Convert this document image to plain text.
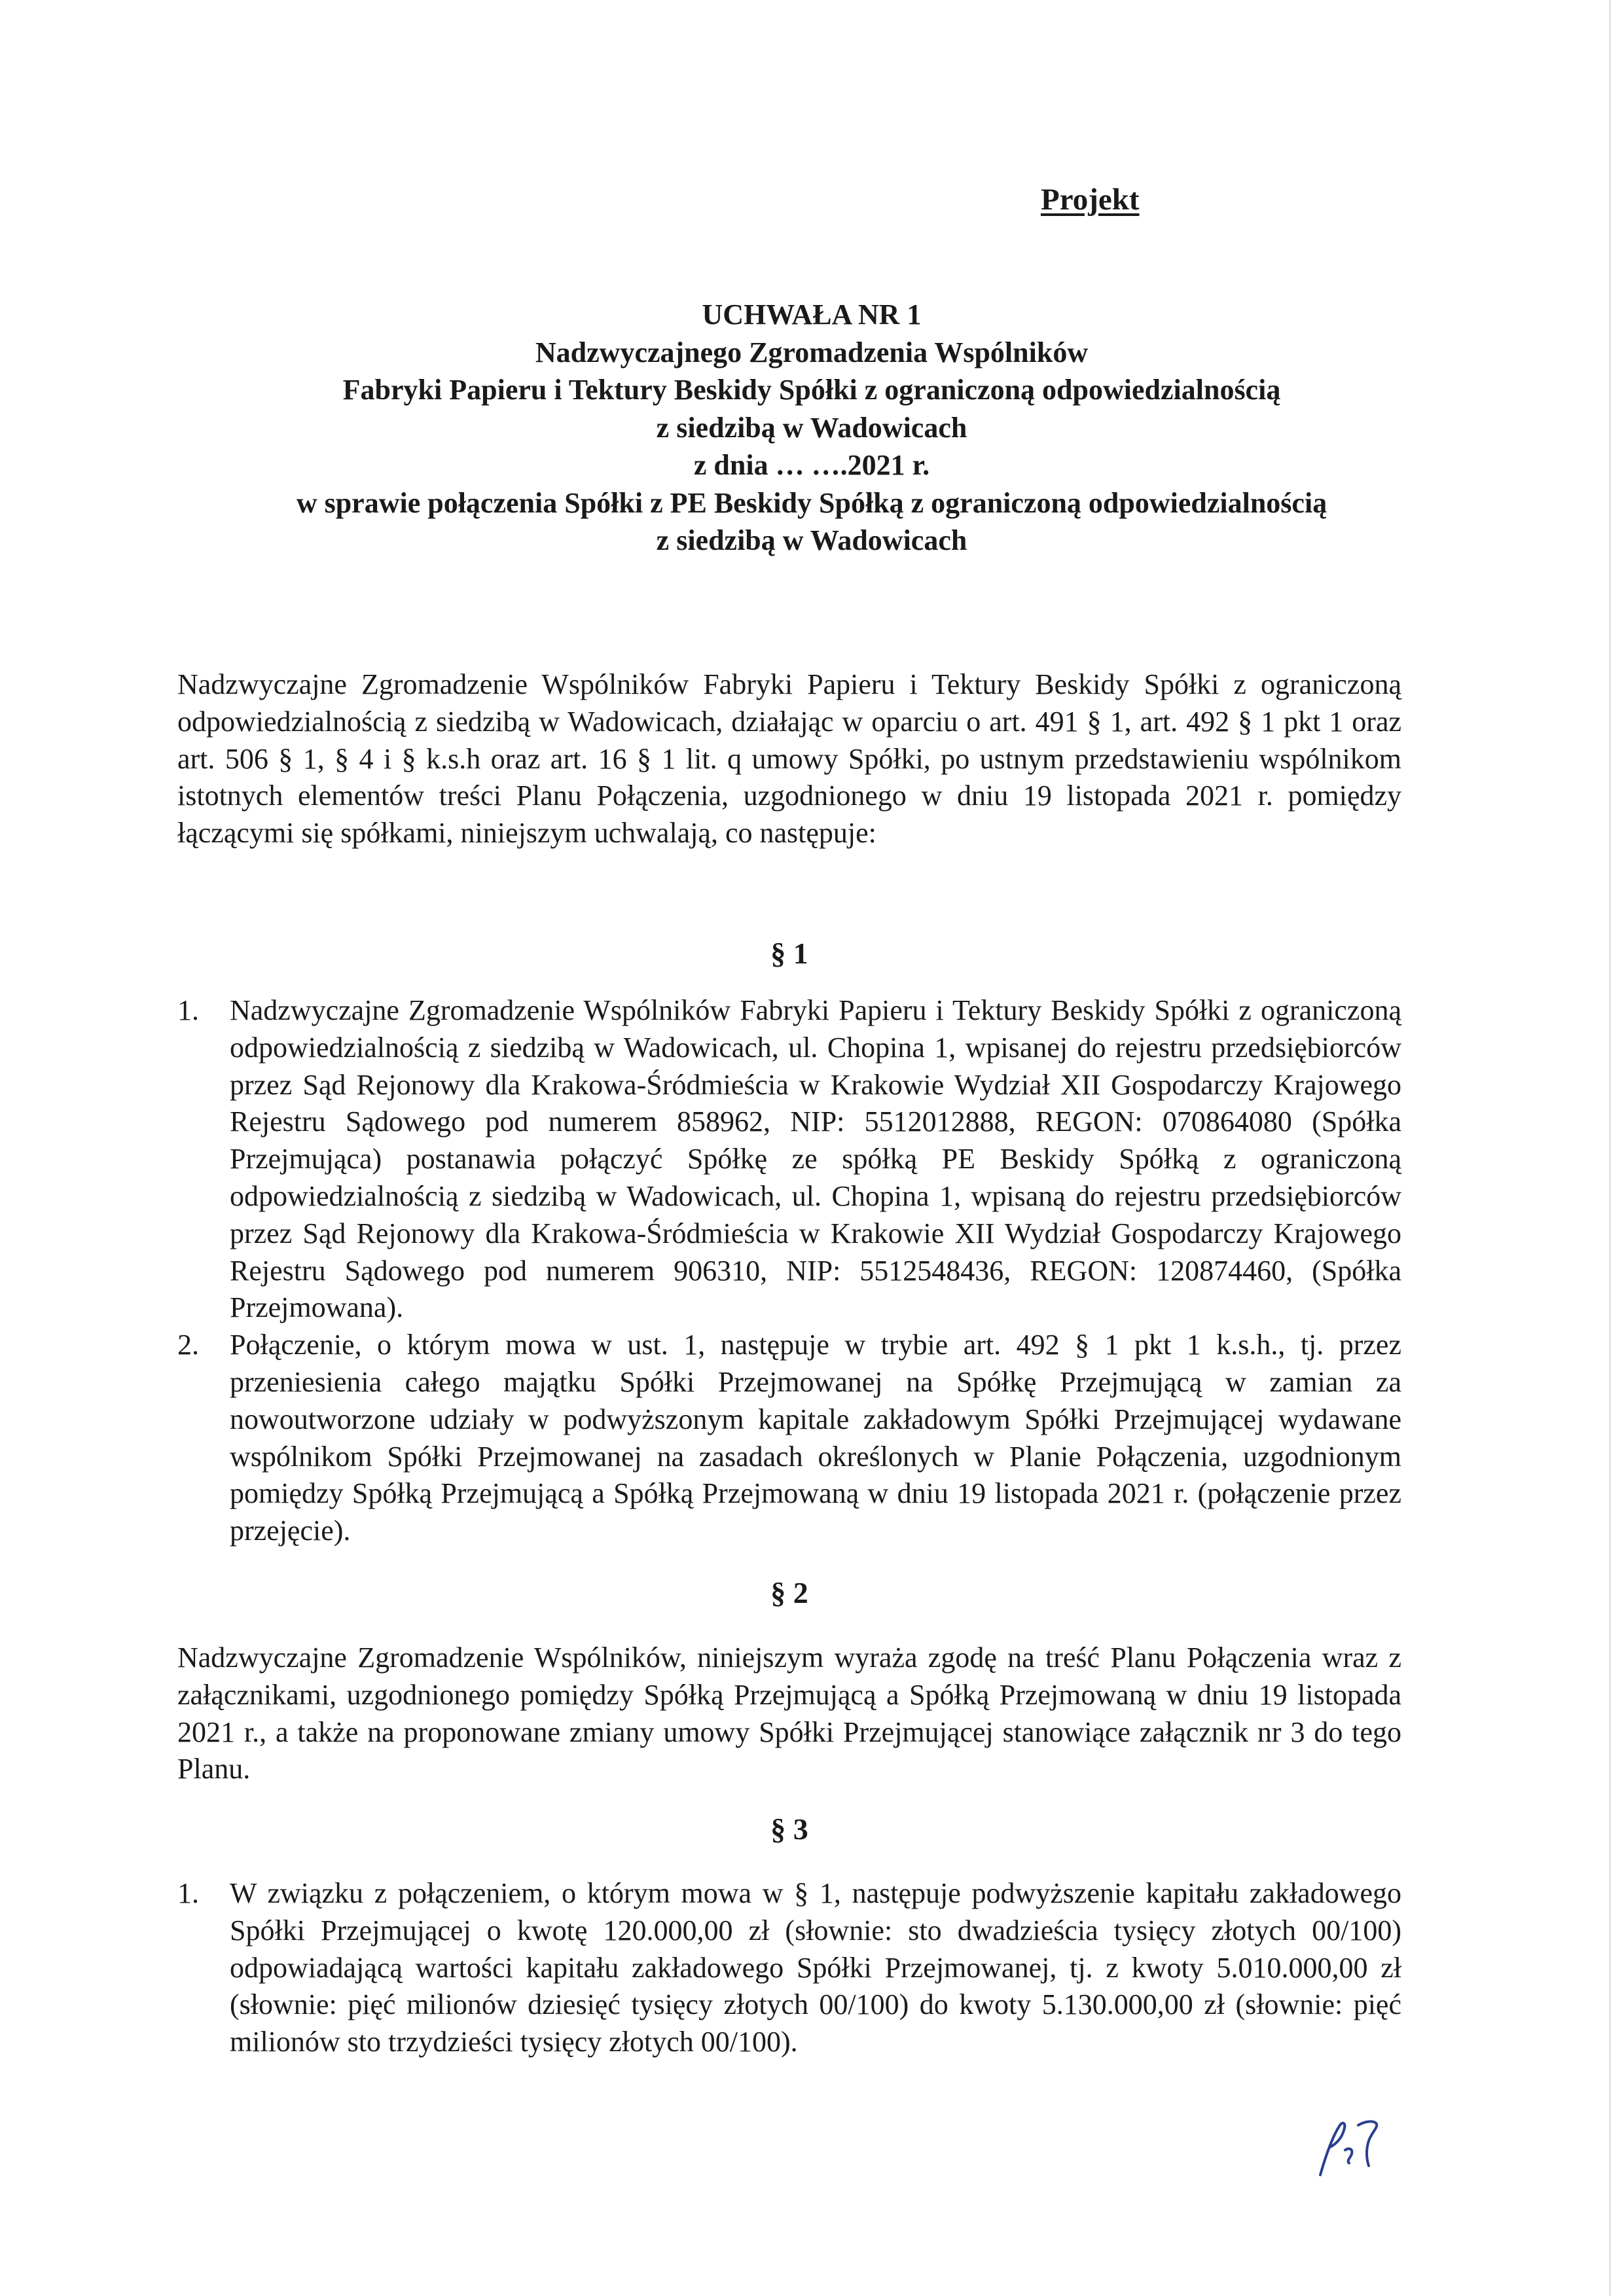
Projekt
UCHWAŁA NR 1
Nadzwyczajnego Zgromadzenia Wspólników
Fabryki Papieru i Tektury Beskidy Spółki z ograniczoną odpowiedzialnością
z siedzibą w Wadowicach
z dnia … ….2021 r.
w sprawie połączenia Spółki z PE Beskidy Spółką z ograniczoną odpowiedzialnością
z siedzibą w Wadowicach
Nadzwyczajne Zgromadzenie Wspólników Fabryki Papieru i Tektury Beskidy Spółki z ograniczoną odpowiedzialnością z siedzibą w Wadowicach, działając w oparciu o art. 491 § 1, art. 492 § 1 pkt 1 oraz art. 506 § 1, § 4 i § k.s.h oraz art. 16 § 1 lit. q umowy Spółki, po ustnym przedstawieniu wspólnikom istotnych elementów treści Planu Połączenia, uzgodnionego w dniu 19 listopada 2021 r. pomiędzy łączącymi się spółkami, niniejszym uchwalają, co następuje:
§ 1
1. Nadzwyczajne Zgromadzenie Wspólników Fabryki Papieru i Tektury Beskidy Spółki z ograniczoną odpowiedzialnością z siedzibą w Wadowicach, ul. Chopina 1, wpisanej do rejestru przedsiębiorców przez Sąd Rejonowy dla Krakowa-Śródmieścia w Krakowie Wydział XII Gospodarczy Krajowego Rejestru Sądowego pod numerem 858962, NIP: 5512012888, REGON: 070864080 (Spółka Przejmująca) postanawia połączyć Spółkę ze spółką PE Beskidy Spółką z ograniczoną odpowiedzialnością z siedzibą w Wadowicach, ul. Chopina 1, wpisaną do rejestru przedsiębiorców przez Sąd Rejonowy dla Krakowa-Śródmieścia w Krakowie XII Wydział Gospodarczy Krajowego Rejestru Sądowego pod numerem 906310, NIP: 5512548436, REGON: 120874460, (Spółka Przejmowana).
2. Połączenie, o którym mowa w ust. 1, następuje w trybie art. 492 § 1 pkt 1 k.s.h., tj. przez przeniesienia całego majątku Spółki Przejmowanej na Spółkę Przejmującą w zamian za nowoutworzone udziały w podwyższonym kapitale zakładowym Spółki Przejmującej wydawane wspólnikom Spółki Przejmowanej na zasadach określonych w Planie Połączenia, uzgodnionym pomiędzy Spółką Przejmującą a Spółką Przejmowaną w dniu 19 listopada 2021 r. (połączenie przez przejęcie).
§ 2
Nadzwyczajne Zgromadzenie Wspólników, niniejszym wyraża zgodę na treść Planu Połączenia wraz z załącznikami, uzgodnionego pomiędzy Spółką Przejmującą a Spółką Przejmowaną w dniu 19 listopada 2021 r., a także na proponowane zmiany umowy Spółki Przejmującej stanowiące załącznik nr 3 do tego Planu.
§ 3
1. W związku z połączeniem, o którym mowa w § 1, następuje podwyższenie kapitału zakładowego Spółki Przejmującej o kwotę 120.000,00 zł (słownie: sto dwadzieścia tysięcy złotych 00/100) odpowiadającą wartości kapitału zakładowego Spółki Przejmowanej, tj. z kwoty 5.010.000,00 zł (słownie: pięć milionów dziesięć tysięcy złotych 00/100) do kwoty 5.130.000,00 zł (słownie: pięć milionów sto trzydzieści tysięcy złotych 00/100).
